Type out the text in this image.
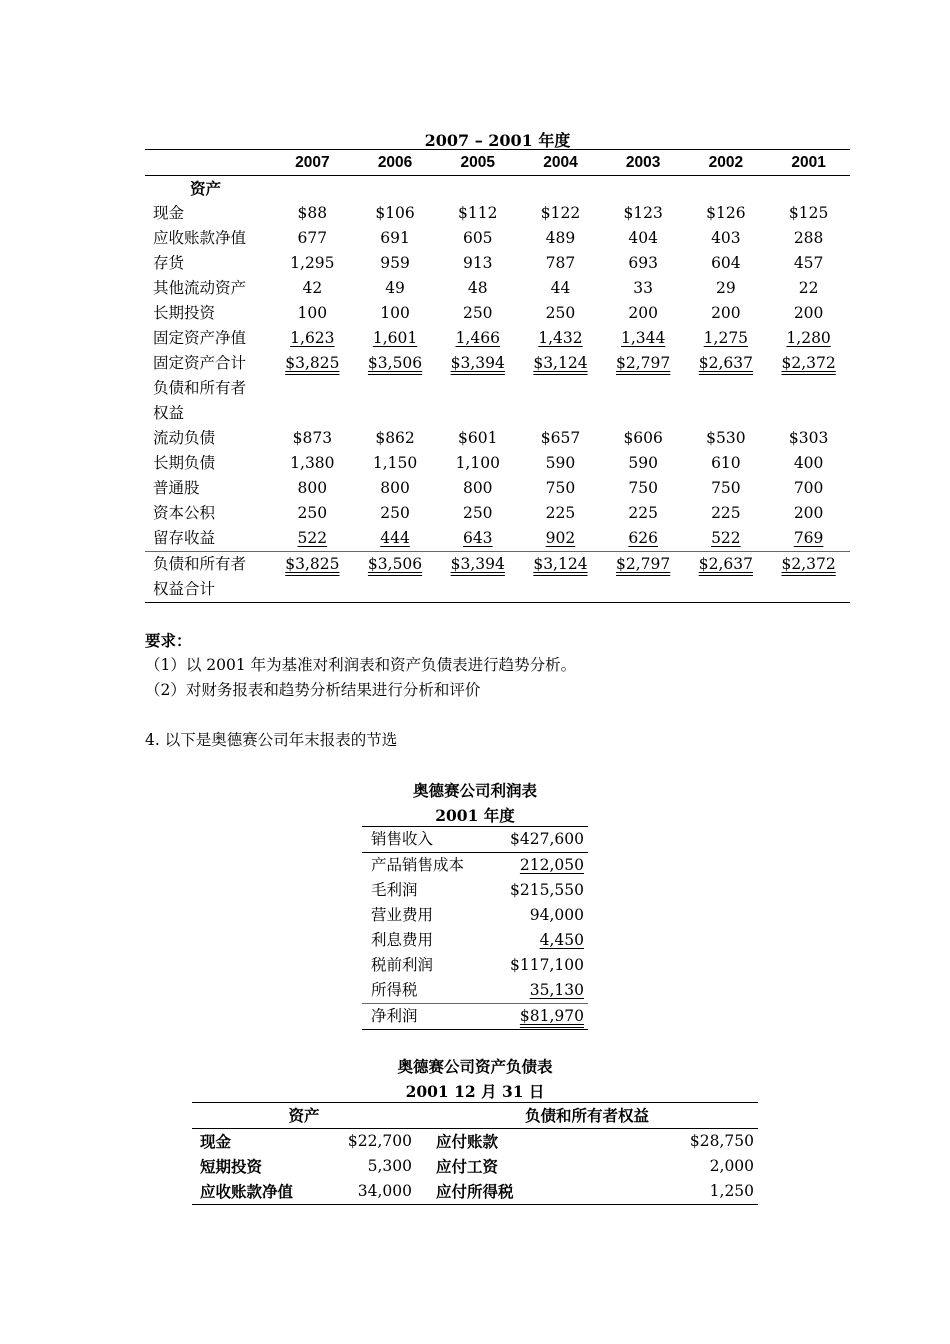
2007 – 2001 年度
	2007	2006	2005	2004	2003	2002	2001
资产							
现金	$88	$106	$112	$122	$123	$126	$125
应收账款净值	677	691	605	489	404	403	288
存货	1,295	959	913	787	693	604	457
其他流动资产	42	49	48	44	33	29	22
长期投资	100	100	250	250	200	200	200
固定资产净值	1,623	1,601	1,466	1,432	1,344	1,275	1,280
固定资产合计	$3,825	$3,506	$3,394	$3,124	$2,797	$2,637	$2,372
负债和所有者							
权益							
流动负债	$873	$862	$601	$657	$606	$530	$303
长期负债	1,380	1,150	1,100	590	590	610	400
普通股	800	800	800	750	750	750	700
资本公积	250	250	250	225	225	225	200
留存收益	522	444	643	902	626	522	769
负债和所有者	$3,825	$3,506	$3,394	$3,124	$2,797	$2,637	$2,372
权益合计							
要求：
（1）以 2001 年为基准对利润表和资产负债表进行趋势分析。
（2）对财务报表和趋势分析结果进行分析和评价
4. 以下是奥德赛公司年末报表的节选
奥德赛公司利润表
2001 年度
销售收入	$427,600
产品销售成本	212,050
毛利润	$215,550
营业费用	94,000
利息费用	4,450
税前利润	$117,100
所得税	35,130
净利润	$81,970
奥德赛公司资产负债表
2001 12 月 31 日
资产		负债和所有者权益	
现金	$22,700	应付账款	$28,750
短期投资	5,300	应付工资	2,000
应收账款净值	34,000	应付所得税	1,250
